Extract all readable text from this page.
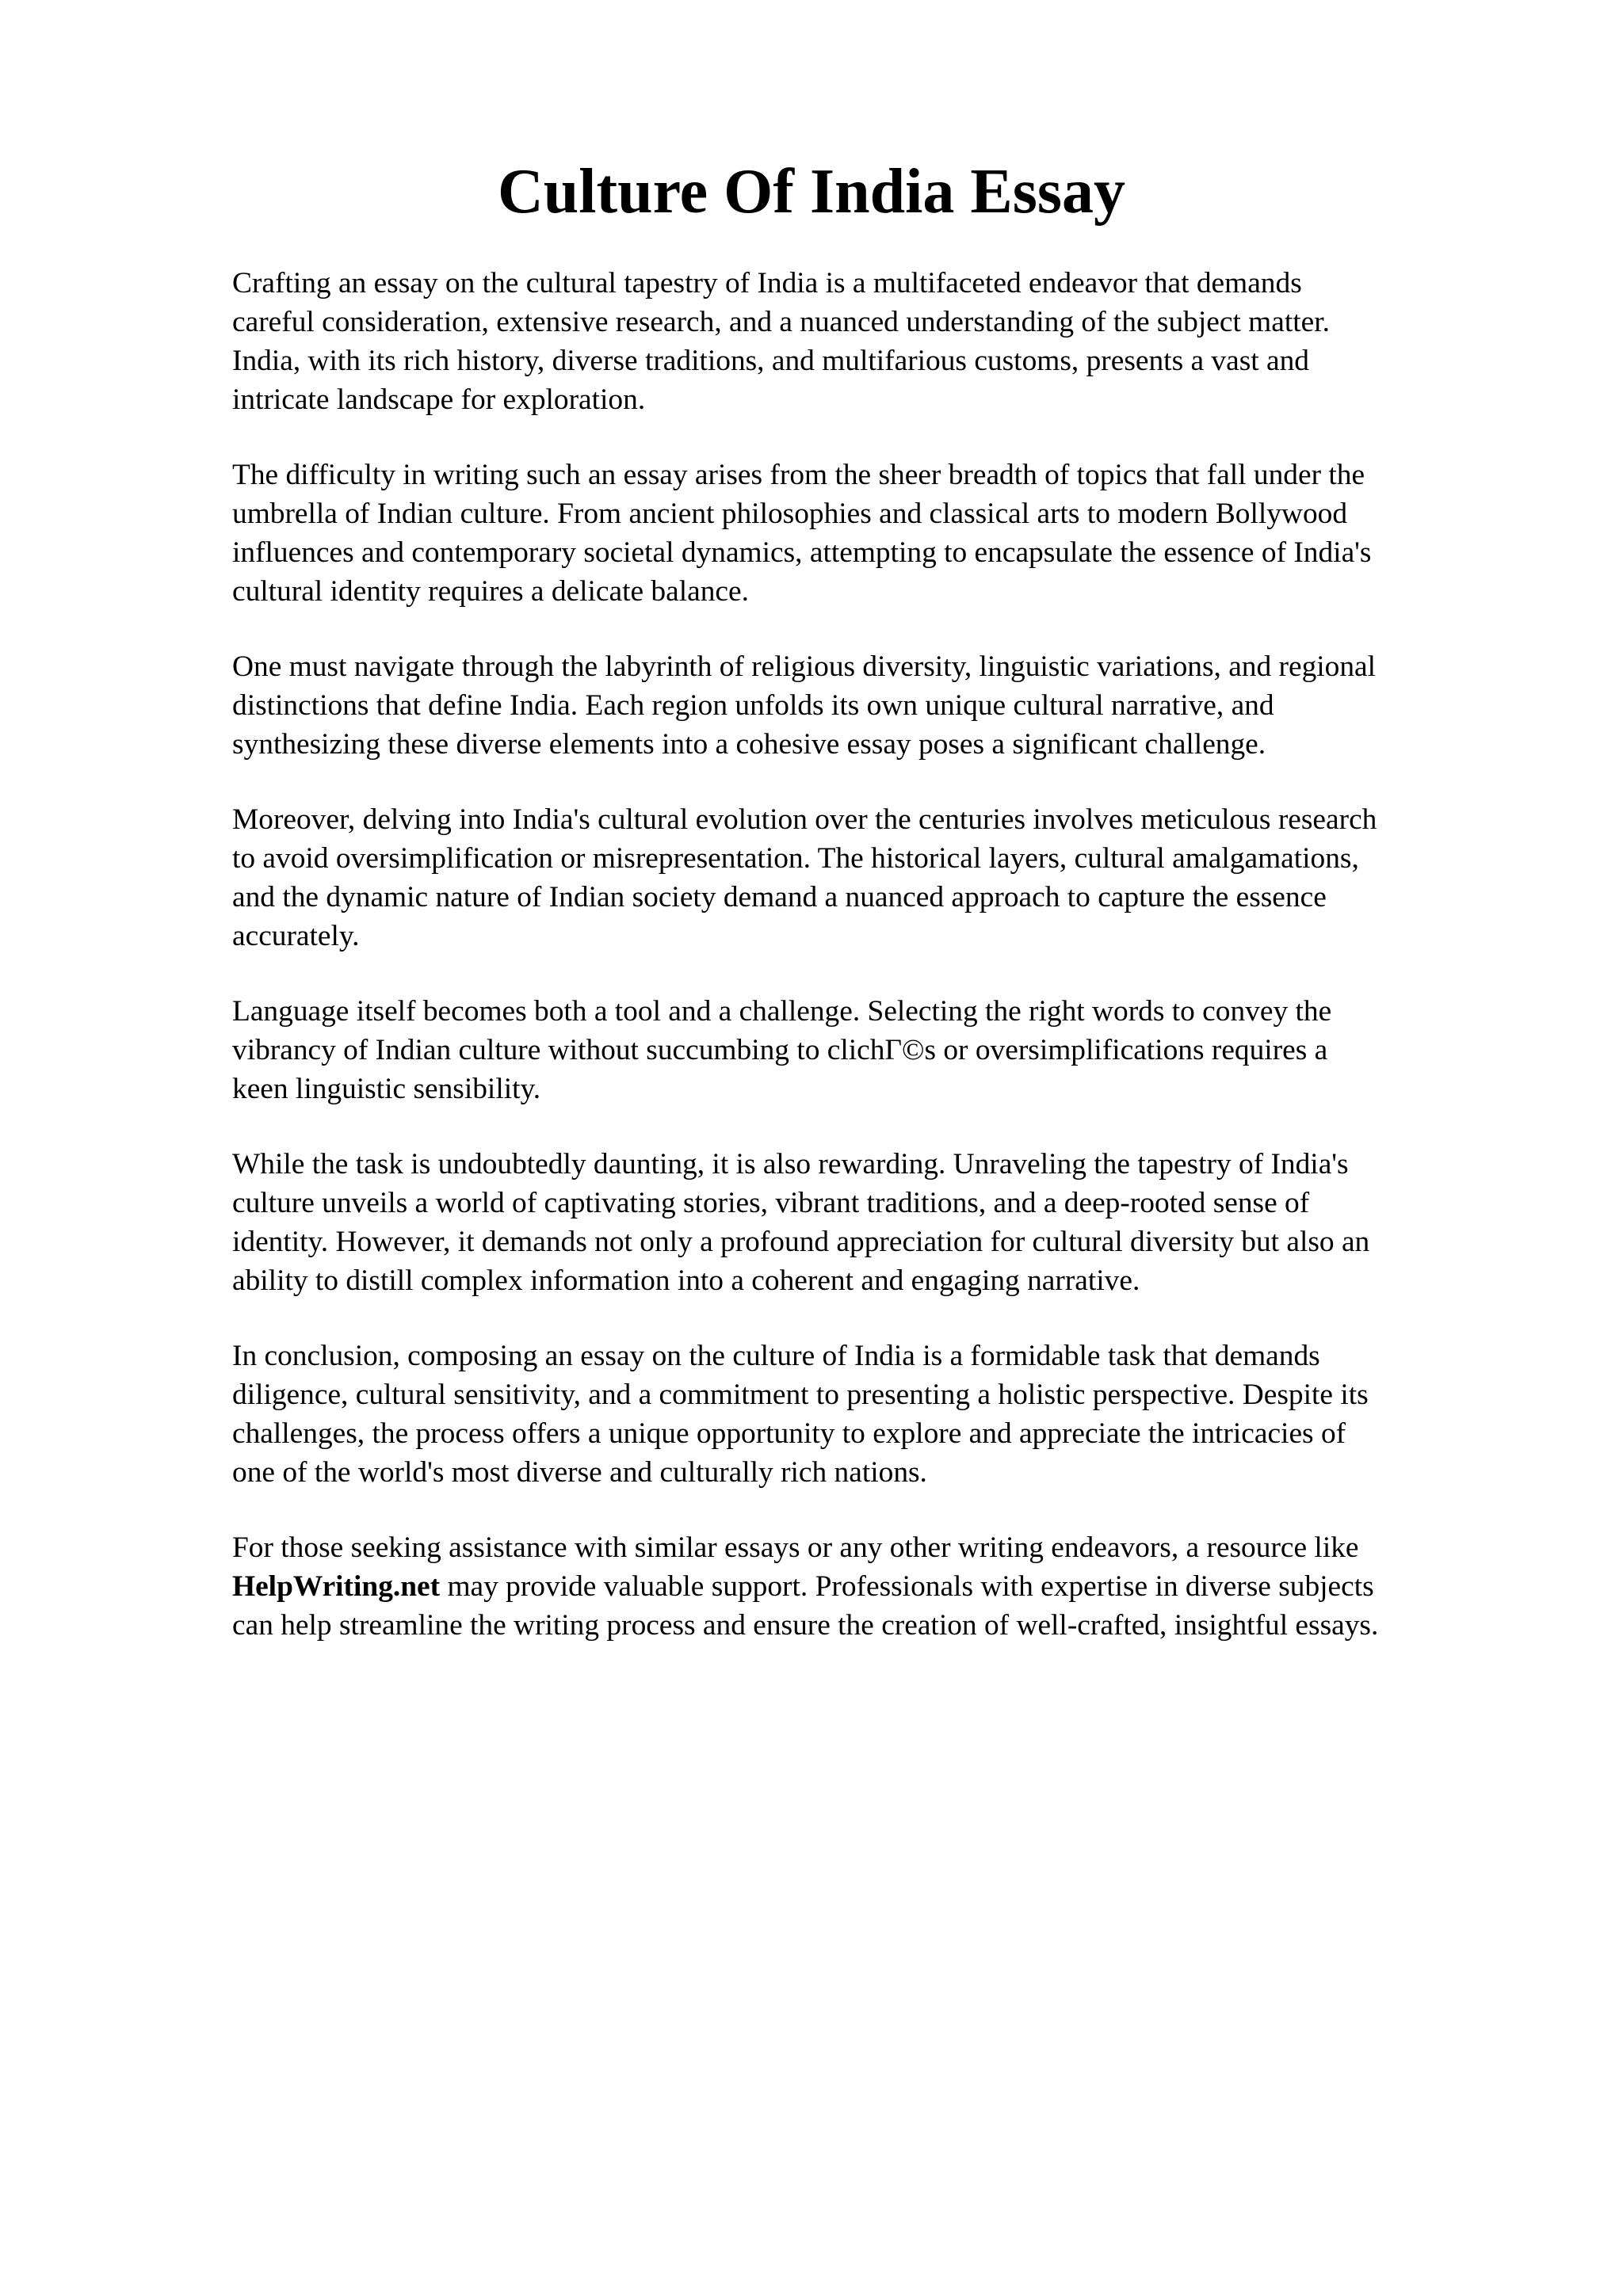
Culture Of India Essay

Crafting an essay on the cultural tapestry of India is a multifaceted endeavor that demands
careful consideration, extensive research, and a nuanced understanding of the subject matter.
India, with its rich history, diverse traditions, and multifarious customs, presents a vast and
intricate landscape for exploration.

The difficulty in writing such an essay arises from the sheer breadth of topics that fall under the
umbrella of Indian culture. From ancient philosophies and classical arts to modern Bollywood
influences and contemporary societal dynamics, attempting to encapsulate the essence of India's
cultural identity requires a delicate balance.

One must navigate through the labyrinth of religious diversity, linguistic variations, and regional
distinctions that define India. Each region unfolds its own unique cultural narrative, and
synthesizing these diverse elements into a cohesive essay poses a significant challenge.

Moreover, delving into India's cultural evolution over the centuries involves meticulous research
to avoid oversimplification or misrepresentation. The historical layers, cultural amalgamations,
and the dynamic nature of Indian society demand a nuanced approach to capture the essence
accurately.

Language itself becomes both a tool and a challenge. Selecting the right words to convey the
vibrancy of Indian culture without succumbing to clichΓ©s or oversimplifications requires a
keen linguistic sensibility.

While the task is undoubtedly daunting, it is also rewarding. Unraveling the tapestry of India's
culture unveils a world of captivating stories, vibrant traditions, and a deep-rooted sense of
identity. However, it demands not only a profound appreciation for cultural diversity but also an
ability to distill complex information into a coherent and engaging narrative.

In conclusion, composing an essay on the culture of India is a formidable task that demands
diligence, cultural sensitivity, and a commitment to presenting a holistic perspective. Despite its
challenges, the process offers a unique opportunity to explore and appreciate the intricacies of
one of the world's most diverse and culturally rich nations.

For those seeking assistance with similar essays or any other writing endeavors, a resource like
HelpWriting.net may provide valuable support. Professionals with expertise in diverse subjects
can help streamline the writing process and ensure the creation of well-crafted, insightful essays.
